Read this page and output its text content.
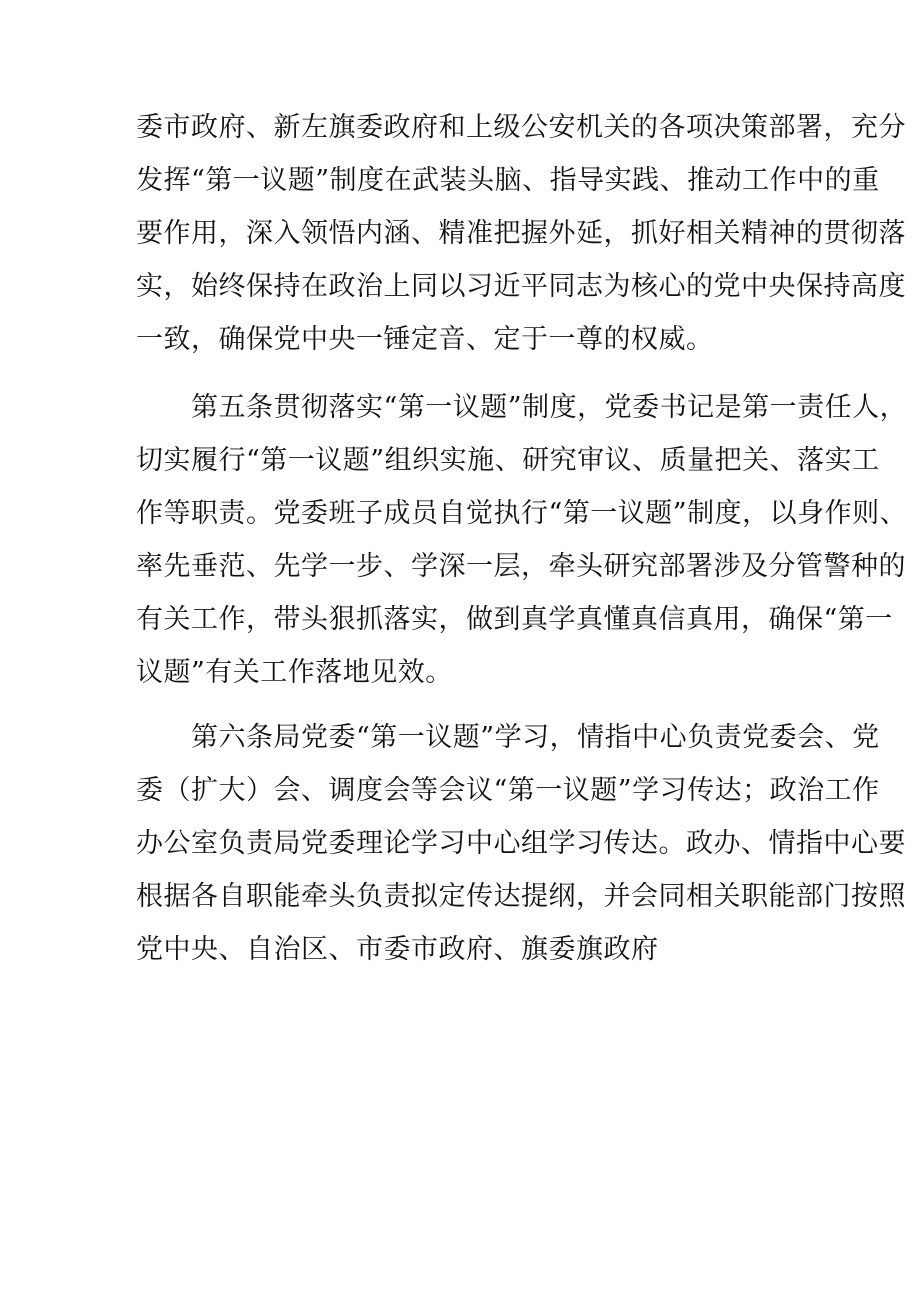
委市政府、新左旗委政府和上级公安机关的各项决策部署，充分
发挥“第一议题”制度在武装头脑、指导实践、推动工作中的重
要作用，深入领悟内涵、精准把握外延，抓好相关精神的贯彻落
实，始终保持在政治上同以习近平同志为核心的党中央保持高度
一致，确保党中央一锤定音、定于一尊的权威。
　　第五条贯彻落实“第一议题”制度，党委书记是第一责任人，
切实履行“第一议题”组织实施、研究审议、质量把关、落实工
作等职责。党委班子成员自觉执行“第一议题”制度，以身作则、
率先垂范、先学一步、学深一层，牵头研究部署涉及分管警种的
有关工作，带头狠抓落实，做到真学真懂真信真用，确保“第一
议题”有关工作落地见效。
　　第六条局党委“第一议题”学习，情指中心负责党委会、党
委（扩大）会、调度会等会议“第一议题”学习传达；政治工作
办公室负责局党委理论学习中心组学习传达。政办、情指中心要
根据各自职能牵头负责拟定传达提纲，并会同相关职能部门按照
党中央、自治区、市委市政府、旗委旗政府
